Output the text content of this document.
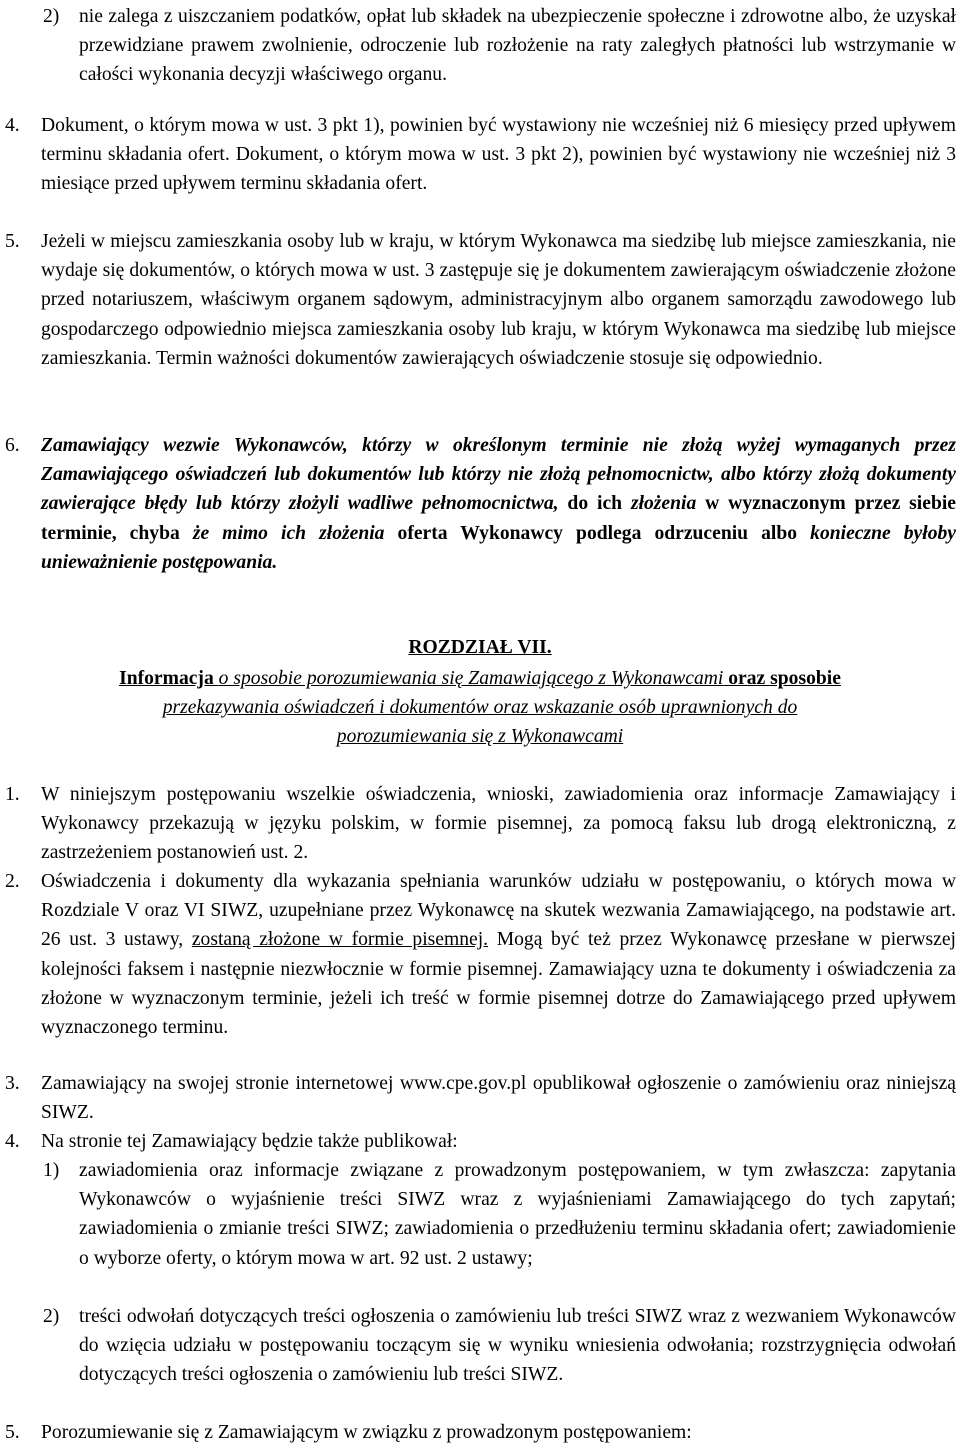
2) nie zalega z uiszczaniem podatków, opłat lub składek na ubezpieczenie społeczne i zdrowotne albo, że uzyskał przewidziane prawem zwolnienie, odroczenie lub rozłożenie na raty zaległych płatności lub wstrzymanie w całości wykonania decyzji właściwego organu.
4. Dokument, o którym mowa w ust. 3 pkt 1), powinien być wystawiony nie wcześniej niż 6 miesięcy przed upływem terminu składania ofert. Dokument, o którym mowa w ust. 3 pkt 2), powinien być wystawiony nie wcześniej niż 3 miesiące przed upływem terminu składania ofert.
5. Jeżeli w miejscu zamieszkania osoby lub w kraju, w którym Wykonawca ma siedzibę lub miejsce zamieszkania, nie wydaje się dokumentów, o których mowa w ust. 3 zastępuje się je dokumentem zawierającym oświadczenie złożone przed notariuszem, właściwym organem sądowym, administracyjnym albo organem samorządu zawodowego lub gospodarczego odpowiednio miejsca zamieszkania osoby lub kraju, w którym Wykonawca ma siedzibę lub miejsce zamieszkania. Termin ważności dokumentów zawierających oświadczenie stosuje się odpowiednio.
6. Zamawiający wezwie Wykonawców, którzy w określonym terminie nie złożą wyżej wymaganych przez Zamawiającego oświadczeń lub dokumentów lub którzy nie złożą pełnomocnictw, albo którzy złożą dokumenty zawierające błędy lub którzy złożyli wadliwe pełnomocnictwa, do ich złożenia w wyznaczonym przez siebie terminie, chyba że mimo ich złożenia oferta Wykonawcy podlega odrzuceniu albo konieczne byłoby unieważnienie postępowania.

ROZDZIAŁ VII.

Informacja o sposobie porozumiewania się Zamawiającego z Wykonawcami oraz sposobie
przekazywania oświadczeń i dokumentów oraz wskazanie osób uprawnionych do
porozumiewania się z Wykonawcami

1. W niniejszym postępowaniu wszelkie oświadczenia, wnioski, zawiadomienia oraz informacje Zamawiający i Wykonawcy przekazują w języku polskim, w formie pisemnej, za pomocą faksu lub drogą elektroniczną, z zastrzeżeniem postanowień ust. 2.
2. Oświadczenia i dokumenty dla wykazania spełniania warunków udziału w postępowaniu, o których mowa w Rozdziale V oraz VI SIWZ, uzupełniane przez Wykonawcę na skutek wezwania Zamawiającego, na podstawie art. 26 ust. 3 ustawy, zostaną złożone w formie pisemnej. Mogą być też przez Wykonawcę przesłane w pierwszej kolejności faksem i następnie niezwłocznie w formie pisemnej. Zamawiający uzna te dokumenty i oświadczenia za złożone w wyznaczonym terminie, jeżeli ich treść w formie pisemnej dotrze do Zamawiającego przed upływem wyznaczonego terminu.
3. Zamawiający na swojej stronie internetowej www.cpe.gov.pl opublikował ogłoszenie o zamówieniu oraz niniejszą SIWZ.
4. Na stronie tej Zamawiający będzie także publikował:
1) zawiadomienia oraz informacje związane z prowadzonym postępowaniem, w tym zwłaszcza: zapytania Wykonawców o wyjaśnienie treści SIWZ wraz z wyjaśnieniami Zamawiającego do tych zapytań; zawiadomienia o zmianie treści SIWZ; zawiadomienia o przedłużeniu terminu składania ofert; zawiadomienie o wyborze oferty, o którym mowa w art. 92 ust. 2 ustawy;
2) treści odwołań dotyczących treści ogłoszenia o zamówieniu lub treści SIWZ wraz z wezwaniem Wykonawców do wzięcia udziału w postępowaniu toczącym się w wyniku wniesienia odwołania; rozstrzygnięcia odwołań dotyczących treści ogłoszenia o zamówieniu lub treści SIWZ.
5. Porozumiewanie się z Zamawiającym w związku z prowadzonym postępowaniem:
